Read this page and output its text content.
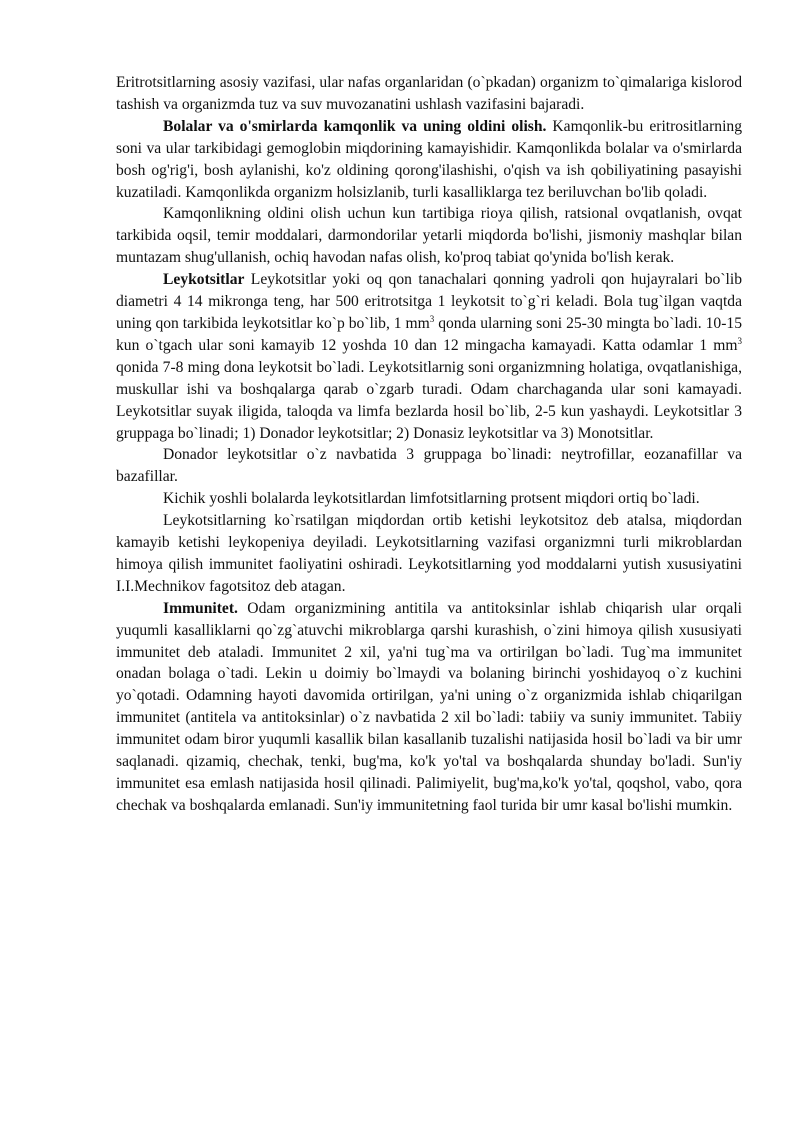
Eritrotsitlarning asosiy vazifasi, ular nafas organlaridan (o`pkadan) organizm to`qimalariga kislorod tashish va organizmda tuz va suv muvozanatini ushlash vazifasini bajaradi.

Bolalar va o'smirlarda kamqonlik va uning oldini olish. Kamqonlik-bu eritrositlarning soni va ular tarkibidagi gemoglobin miqdorining kamayishidir. Kamqonlikda bolalar va o'smirlarda bosh og'rig'i, bosh aylanishi, ko'z oldining qorong'ilashishi, o'qish va ish qobiliyatining pasayishi kuzatiladi. Kamqonlikda organizm holsizlanib, turli kasalliklarga tez beriluvchan bo'lib qoladi.

Kamqonlikning oldini olish uchun kun tartibiga rioya qilish, ratsional ovqatlanish, ovqat tarkibida oqsil, temir moddalari, darmondorilar yetarli miqdorda bo'lishi, jismoniy mashqlar bilan muntazam shug'ullanish, ochiq havodan nafas olish, ko'proq tabiat qo'ynida bo'lish kerak.

Leykotsitlar Leykotsitlar yoki oq qon tanachalari qonning yadroli qon hujayralari bo`lib diametri 4 14 mikronga teng, har 500 eritrotsitga 1 leykotsit to`g`ri keladi. Bola tug`ilgan vaqtda uning qon tarkibida leykotsitlar ko`p bo`lib, 1 $mm^3$ qonda ularning soni 25-30 mingta bo`ladi. 10-15 kun o`tgach ular soni kamayib 12 yoshda 10 dan 12 mingacha kamayadi. Katta odamlar 1 $mm^3$ qonida 7-8 ming dona leykotsit bo`ladi. Leykotsitlarnig soni organizmning holatiga, ovqatlanishiga, muskullar ishi va boshqalarga qarab o`zgarb turadi. Odam charchaganda ular soni kamayadi. Leykotsitlar suyak iligida, taloqda va limfa bezlarda hosil bo`lib, 2-5 kun yashaydi. Leykotsitlar 3 gruppaga bo`linadi; 1) Donador leykotsitlar; 2) Donasiz leykotsitlar va 3) Monotsitlar.

Donador leykotsitlar o`z navbatida 3 gruppaga bo`linadi: neytrofillar, eozanafillar va bazafillar.

Kichik yoshli bolalarda leykotsitlardan limfotsitlarning protsent miqdori ortiq bo`ladi.

Leykotsitlarning ko`rsatilgan miqdordan ortib ketishi leykotsitoz deb atalsa, miqdordan kamayib ketishi leykopeniya deyiladi. Leykotsitlarning vazifasi organizmni turli mikroblardan himoya qilish immunitet faoliyatini oshiradi. Leykotsitlarning yod moddalarni yutish xususiyatini I.I.Mechnikov fagotsitoz deb atagan.

Immunitet. Odam organizmining antitila va antitoksinlar ishlab chiqarish ular orqali yuqumli kasalliklarni qo`zg`atuvchi mikroblarga qarshi kurashish, o`zini himoya qilish xususiyati immunitet deb ataladi. Immunitet 2 xil, ya'ni tug`ma va ortirilgan bo`ladi. Tug`ma immunitet onadan bolaga o`tadi. Lekin u doimiy bo`lmaydi va bolaning birinchi yoshidayoq o`z kuchini yo`qotadi. Odamning hayoti davomida ortirilgan, ya'ni uning o`z organizmida ishlab chiqarilgan immunitet (antitela va antitoksinlar) o`z navbatida 2 xil bo`ladi: tabiiy va suniy immunitet. Tabiiy immunitet odam biror yuqumli kasallik bilan kasallanib tuzalishi natijasida hosil bo`ladi va bir umr saqlanadi. qizamiq, chechak, tenki, bug'ma, ko'k yo'tal va boshqalarda shunday bo'ladi. Sun'iy immunitet esa emlash natijasida hosil qilinadi. Palimiyelit, bug'ma,ko'k yo'tal, qoqshol, vabo, qora chechak va boshqalarda emlanadi. Sun'iy immunitetning faol turida bir umr kasal bo'lishi mumkin.
